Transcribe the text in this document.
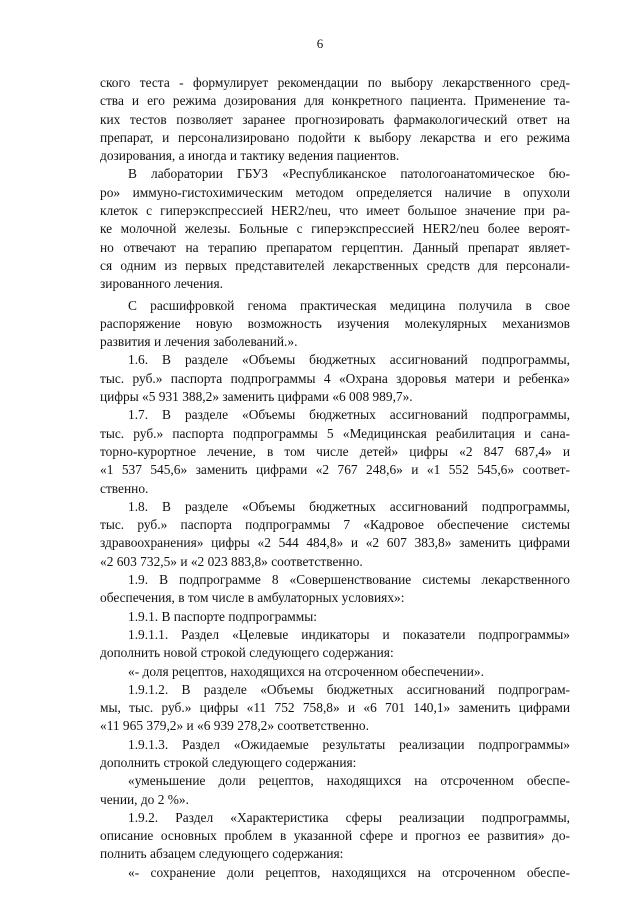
6
ского теста - формулирует рекомендации по выбору лекарственного сред-
ства и его режима дозирования для конкретного пациента. Применение та-
ких тестов позволяет заранее прогнозировать фармакологический ответ на
препарат, и персонализировано подойти к выбору лекарства и его режима
дозирования, а иногда и тактику ведения пациентов.
В лаборатории ГБУЗ «Республиканское патологоанатомическое бю-
ро» иммуно-гистохимическим методом определяется наличие в опухоли
клеток с гиперэкспрессией HER2/neu, что имеет большое значение при ра-
ке молочной железы. Больные с гиперэкспрессией HER2/neu более вероят-
но отвечают на терапию препаратом герцептин. Данный препарат являет-
ся одним из первых представителей лекарственных средств для персонали-
зированного лечения.
С расшифровкой генома практическая медицина получила в свое
распоряжение новую возможность изучения молекулярных механизмов
развития и лечения заболеваний.».
1.6. В разделе «Объемы бюджетных ассигнований подпрограммы,
тыс. руб.» паспорта подпрограммы 4 «Охрана здоровья матери и ребенка»
цифры «5 931 388,2» заменить цифрами «6 008 989,7».
1.7. В разделе «Объемы бюджетных ассигнований подпрограммы,
тыс. руб.» паспорта подпрограммы 5 «Медицинская реабилитация и сана-
торно-курортное лечение, в том числе детей» цифры «2 847 687,4» и
«1 537 545,6» заменить цифрами «2 767 248,6» и «1 552 545,6» соответ-
ственно.
1.8. В разделе «Объемы бюджетных ассигнований подпрограммы,
тыс. руб.» паспорта подпрограммы 7 «Кадровое обеспечение системы
здравоохранения» цифры «2 544 484,8» и «2 607 383,8» заменить цифрами
«2 603 732,5» и «2 023 883,8» соответственно.
1.9. В подпрограмме 8 «Совершенствование системы лекарственного
обеспечения, в том числе в амбулаторных условиях»:
1.9.1. В паспорте подпрограммы:
1.9.1.1. Раздел «Целевые индикаторы и показатели подпрограммы»
дополнить новой строкой следующего содержания:
«- доля рецептов, находящихся на отсроченном обеспечении».
1.9.1.2. В разделе «Объемы бюджетных ассигнований подпрограм-
мы, тыс. руб.» цифры «11 752 758,8» и «6 701 140,1» заменить цифрами
«11 965 379,2» и «6 939 278,2» соответственно.
1.9.1.3. Раздел «Ожидаемые результаты реализации подпрограммы»
дополнить строкой следующего содержания:
«уменьшение доли рецептов, находящихся на отсроченном обеспе-
чении, до 2 %».
1.9.2. Раздел «Характеристика сферы реализации подпрограммы,
описание основных проблем в указанной сфере и прогноз ее развития» до-
полнить абзацем следующего содержания:
«- сохранение доли рецептов, находящихся на отсроченном обеспе-
